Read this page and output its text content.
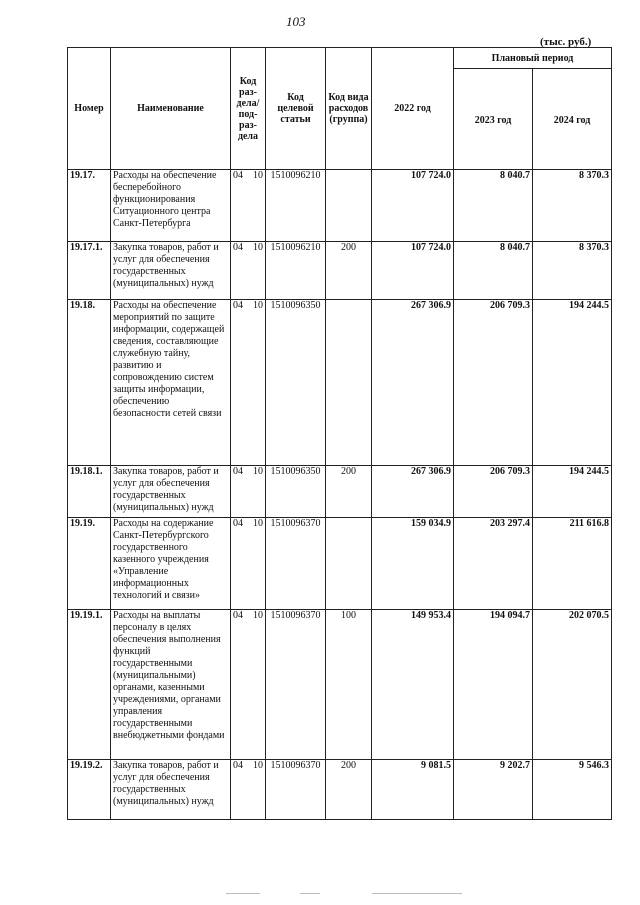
103
(тыс. руб.)
Номер	Наименование	Код раз-дела/ под-раз-дела	Код целевой статьи	Код вида расходов (группа)	2022 год	Плановый период	
						2023 год	2024 год
19.17.	Расходы на обеспечение бесперебойного функционирования Ситуационного центра Санкт-Петербурга	04 10	1510096210		107 724.0	8 040.7	8 370.3
19.17.1.	Закупка товаров, работ и услуг для обеспечения государственных (муниципальных) нужд	04 10	1510096210	200	107 724.0	8 040.7	8 370.3
19.18.	Расходы на обеспечение мероприятий по защите информации, содержащей сведения, составляющие служебную тайну, развитию и сопровождению систем защиты информации, обеспечению безопасности сетей связи	04 10	1510096350		267 306.9	206 709.3	194 244.5
19.18.1.	Закупка товаров, работ и услуг для обеспечения государственных (муниципальных) нужд	04 10	1510096350	200	267 306.9	206 709.3	194 244.5
19.19.	Расходы на содержание Санкт-Петербургского государственного казенного учреждения «Управление информационных технологий и связи»	04 10	1510096370		159 034.9	203 297.4	211 616.8
19.19.1.	Расходы на выплаты персоналу в целях обеспечения выполнения функций государственными (муниципальными) органами, казенными учреждениями, органами управления государственными внебюджетными фондами	04 10	1510096370	100	149 953.4	194 094.7	202 070.5
19.19.2.	Закупка товаров, работ и услуг для обеспечения государственных (муниципальных) нужд	04 10	1510096370	200	9 081.5	9 202.7	9 546.3
